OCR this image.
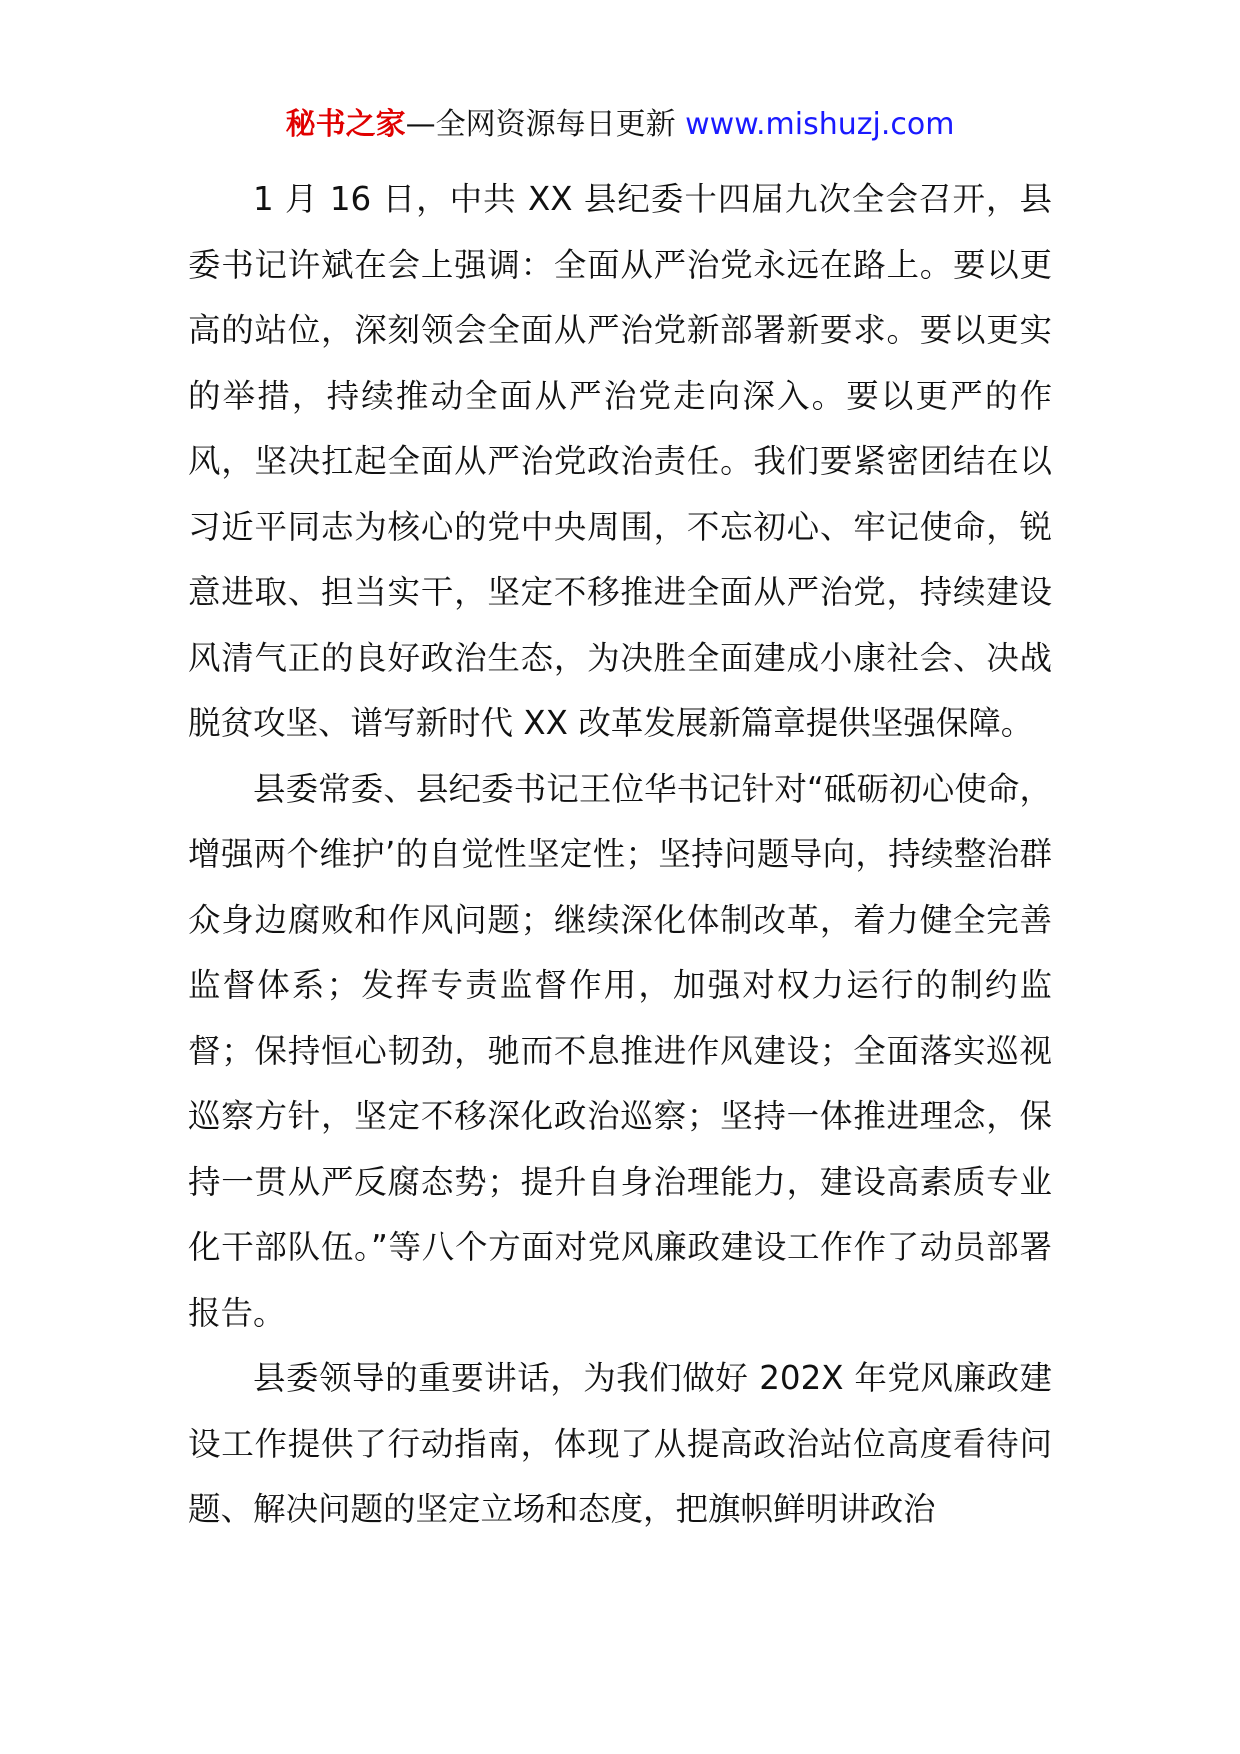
秘书之家—全网资源每日更新 www.mishuzj.com

1 月 16 日，中共 XX 县纪委十四届九次全会召开，县委书记许斌在会上强调：全面从严治党永远在路上。要以更高的站位，深刻领会全面从严治党新部署新要求。要以更实的举措，持续推动全面从严治党走向深入。要以更严的作风，坚决扛起全面从严治党政治责任。我们要紧密团结在以习近平同志为核心的党中央周围，不忘初心、牢记使命，锐意进取、担当实干，坚定不移推进全面从严治党，持续建设风清气正的良好政治生态，为决胜全面建成小康社会、决战脱贫攻坚、谱写新时代 XX 改革发展新篇章提供坚强保障。

县委常委、县纪委书记王位华书记针对“砥砺初心使命，增强两个维护’的自觉性坚定性；坚持问题导向，持续整治群众身边腐败和作风问题；继续深化体制改革，着力健全完善监督体系；发挥专责监督作用，加强对权力运行的制约监督；保持恒心韧劲，驰而不息推进作风建设；全面落实巡视巡察方针，坚定不移深化政治巡察；坚持一体推进理念，保持一贯从严反腐态势；提升自身治理能力，建设高素质专业化干部队伍。”等八个方面对党风廉政建设工作作了动员部署报告。

县委领导的重要讲话，为我们做好 202X 年党风廉政建设工作提供了行动指南，体现了从提高政治站位高度看待问题、解决问题的坚定立场和态度，把旗帜鲜明讲政治
